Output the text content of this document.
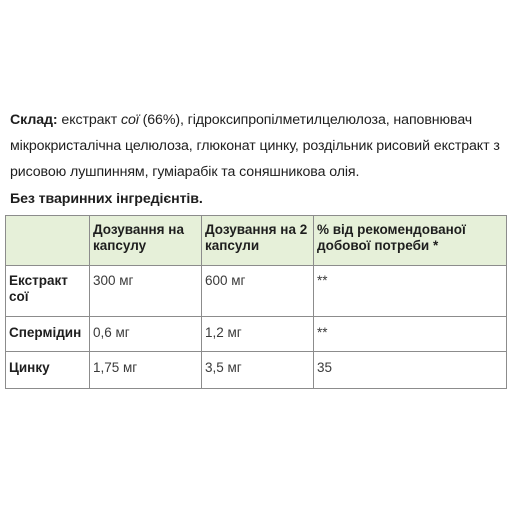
Склад: екстракт сої (66%), гідроксипропілметилцелюлоза, наповнювач мікрокристалічна целюлоза, глюконат цинку, роздільник рисовий екстракт з рисовою лушпинням, гуміарабік та соняшникова олія.
Без тваринних інгредієнтів.
	Дозування на капсулу	Дозування на 2 капсули	% від рекомендованої добової потреби *
Екстракт сої	300 мг	600 мг	**
Спермідин	0,6 мг	1,2 мг	**
Цинку	1,75 мг	3,5 мг	35
